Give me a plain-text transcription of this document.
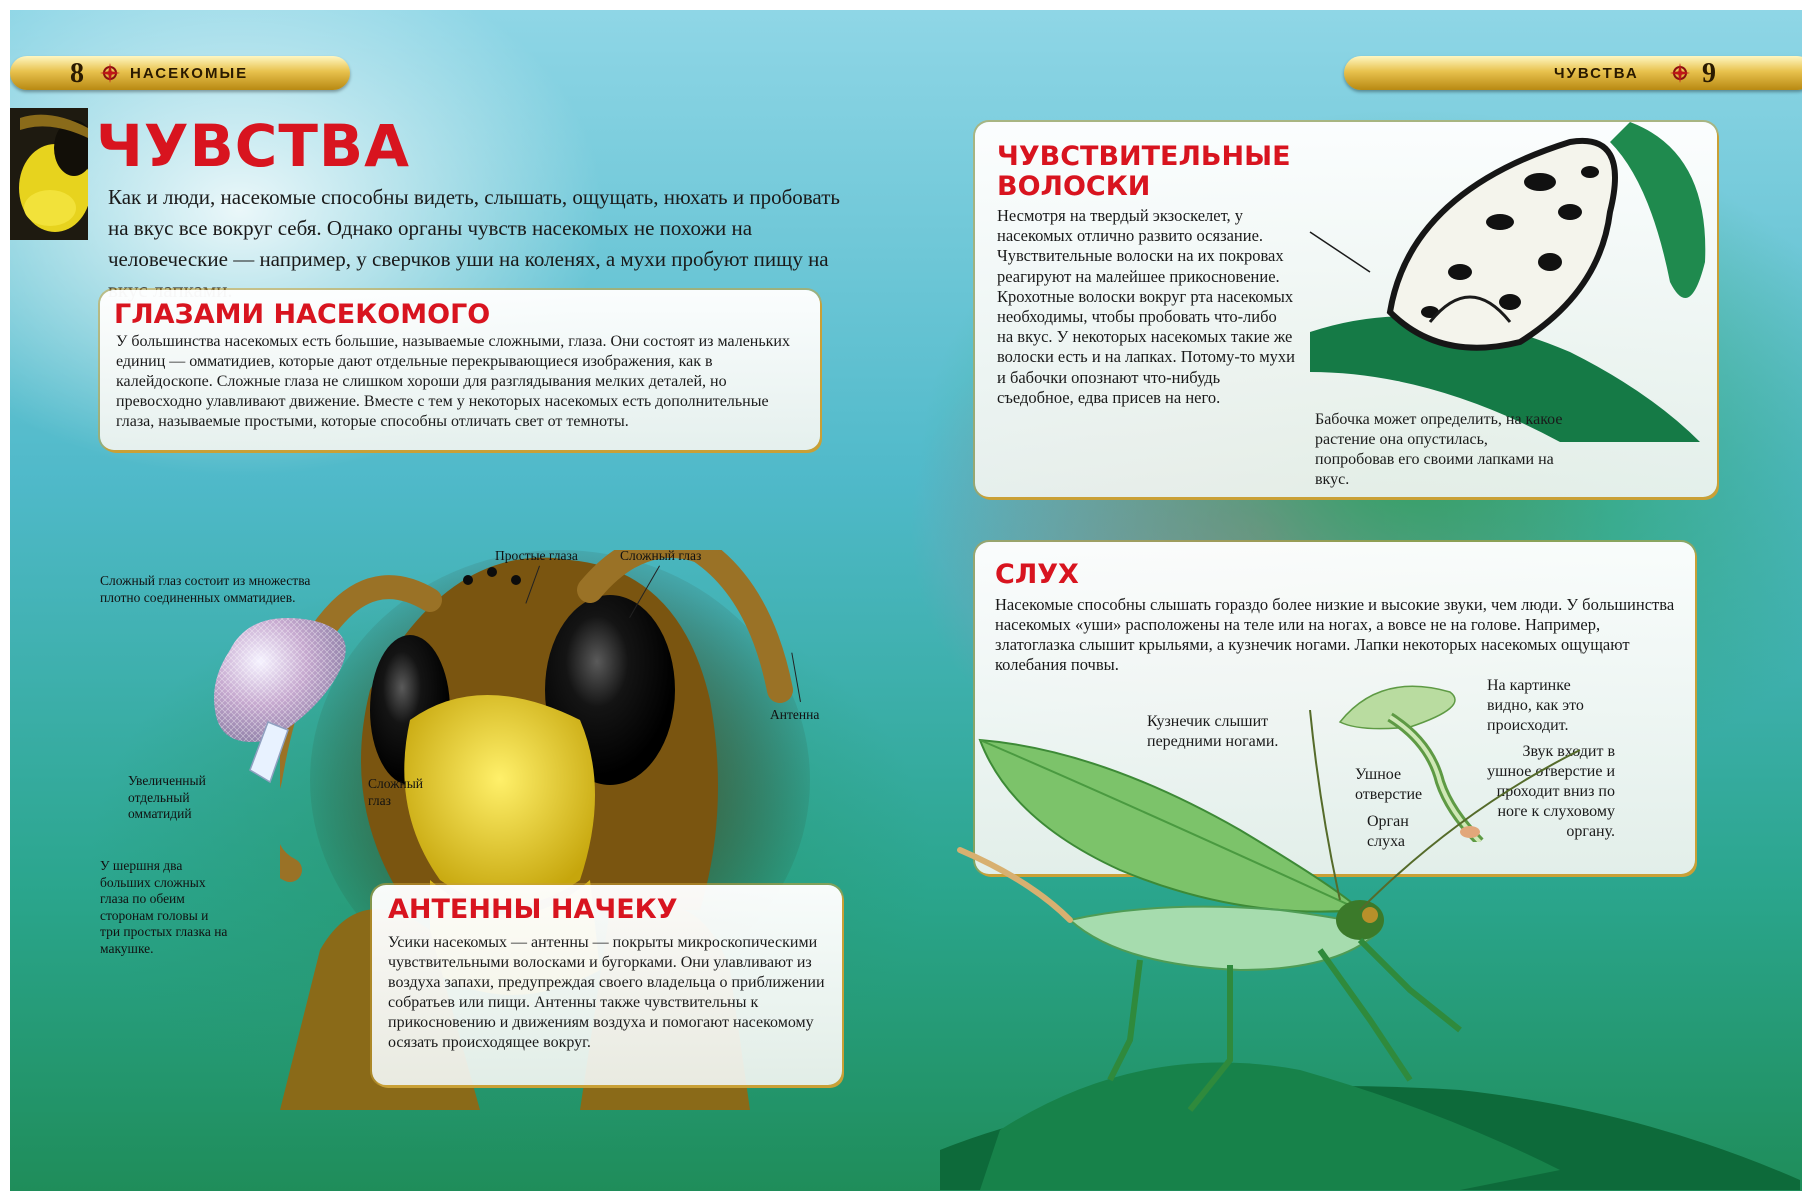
8	НАСЕКОМЫЕ	ЧУВСТВА 9
ЧУВСТВА

Как и люди, насекомые способны видеть, слышать, ощущать, нюхать и пробовать на вкус все вокруг себя. Однако органы чувств насекомых не похожи на человеческие — например, у сверчков уши на коленях, а мухи пробуют пищу на

ГЛАЗАМИ НАСЕКОМОГО

У большинства насекомых есть большие, называемые сложными, глаза. Они состоят из маленьких единиц — омматидиев, которые дают отдельные перекрывающиеся изображения, как в калейдоскопе. Сложные глаза не слишком хороши для разглядывания мелких деталей, но превосходно улавливают движение. Вместе с тем у некоторых насекомых есть дополнительные глаза, называемые простыми, которые способны отличать свет от темноты.

Сложный глаз состоит из множества плотно соединенных омматидиев.

Простые глаза	Сложный глаз

Антенна

Увеличенный отдельный омматидий

Сложный глаз

У шершня два больших сложных глаза по обеим сторонам головы и три простых глазка на макушке.

АНТЕННЫ НАЧЕКУ

Усики насекомых — антенны — покрыты микроскопическими чувствительными волосками и бугорками. Они улавливают из воздуха запахи, предупреждая своего владельца о приближении собратьев или пищи. Антенны также чувствительны к прикосновению и движениям воздуха и помогают насекомому осязать происходящее вокруг.

ЧУВСТВИТЕЛЬНЫЕ ВОЛОСКИ

Несмотря на твердый экзоскелет, у насекомых отлично развито осязание. Чувствительные волоски на их покровах реагируют на малейшее прикосновение. Крохотные волоски вокруг рта насекомых необходимы, чтобы пробовать что-либо на вкус. У некоторых насекомых такие же волоски есть и на лапках. Потому-то мухи и бабочки опознают что-нибудь съедобное, едва присев на него.

Бабочка может определить, на какое растение она опустилась, попробовав его своими лапками на вкус.

СЛУХ

Насекомые способны слышать гораздо более низкие и высокие звуки, чем люди. У большинства насекомых «уши» расположены на теле или на ногах, а вовсе не на голове. Например, златоглазка слышит крыльями, а кузнечик ногами. Лапки некоторых насекомых ощущают колебания почвы.

Кузнечик слышит передними ногами.

На картинке видно, как это происходит.

Ушное отверстие

Звук входит в ушное отверстие и проходит вниз по ноге к слуховому органу.

Орган слуха
